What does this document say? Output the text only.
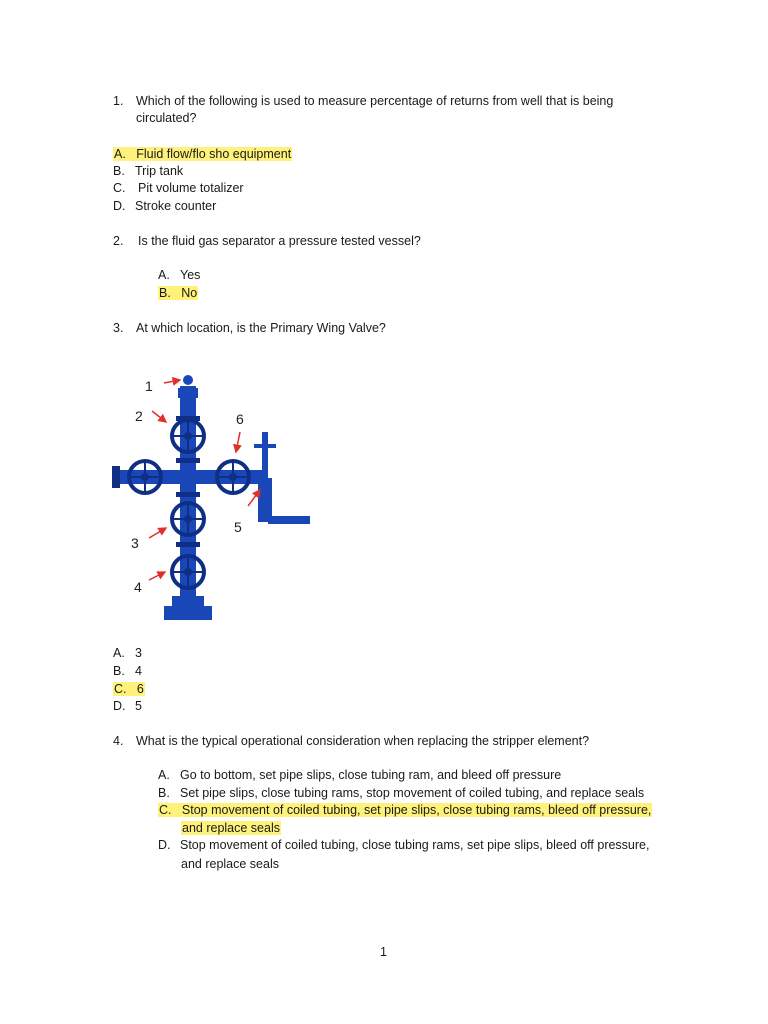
1.	Which of the following is used to measure percentage of returns from well that is being
circulated?
A. Fluid flow/flo sho equipment
B. Trip tank
C. Pit volume totalizer
D. Stroke counter
2.	Is the fluid gas separator a pressure tested vessel?
A. Yes
B. No
3.	At which location, is the Primary Wing Valve?
1
2
3
4
5
6
A. 3
B. 4
C. 6
D. 5
4.	What is the typical operational consideration when replacing the stripper element?
A. Go to bottom, set pipe slips, close tubing ram, and bleed off pressure
B. Set pipe slips, close tubing rams, stop movement of coiled tubing, and replace seals
C. Stop movement of coiled tubing, set pipe slips, close tubing rams, bleed off pressure,
and replace seals
D. Stop movement of coiled tubing, close tubing rams, set pipe slips, bleed off pressure,
and replace seals
1
